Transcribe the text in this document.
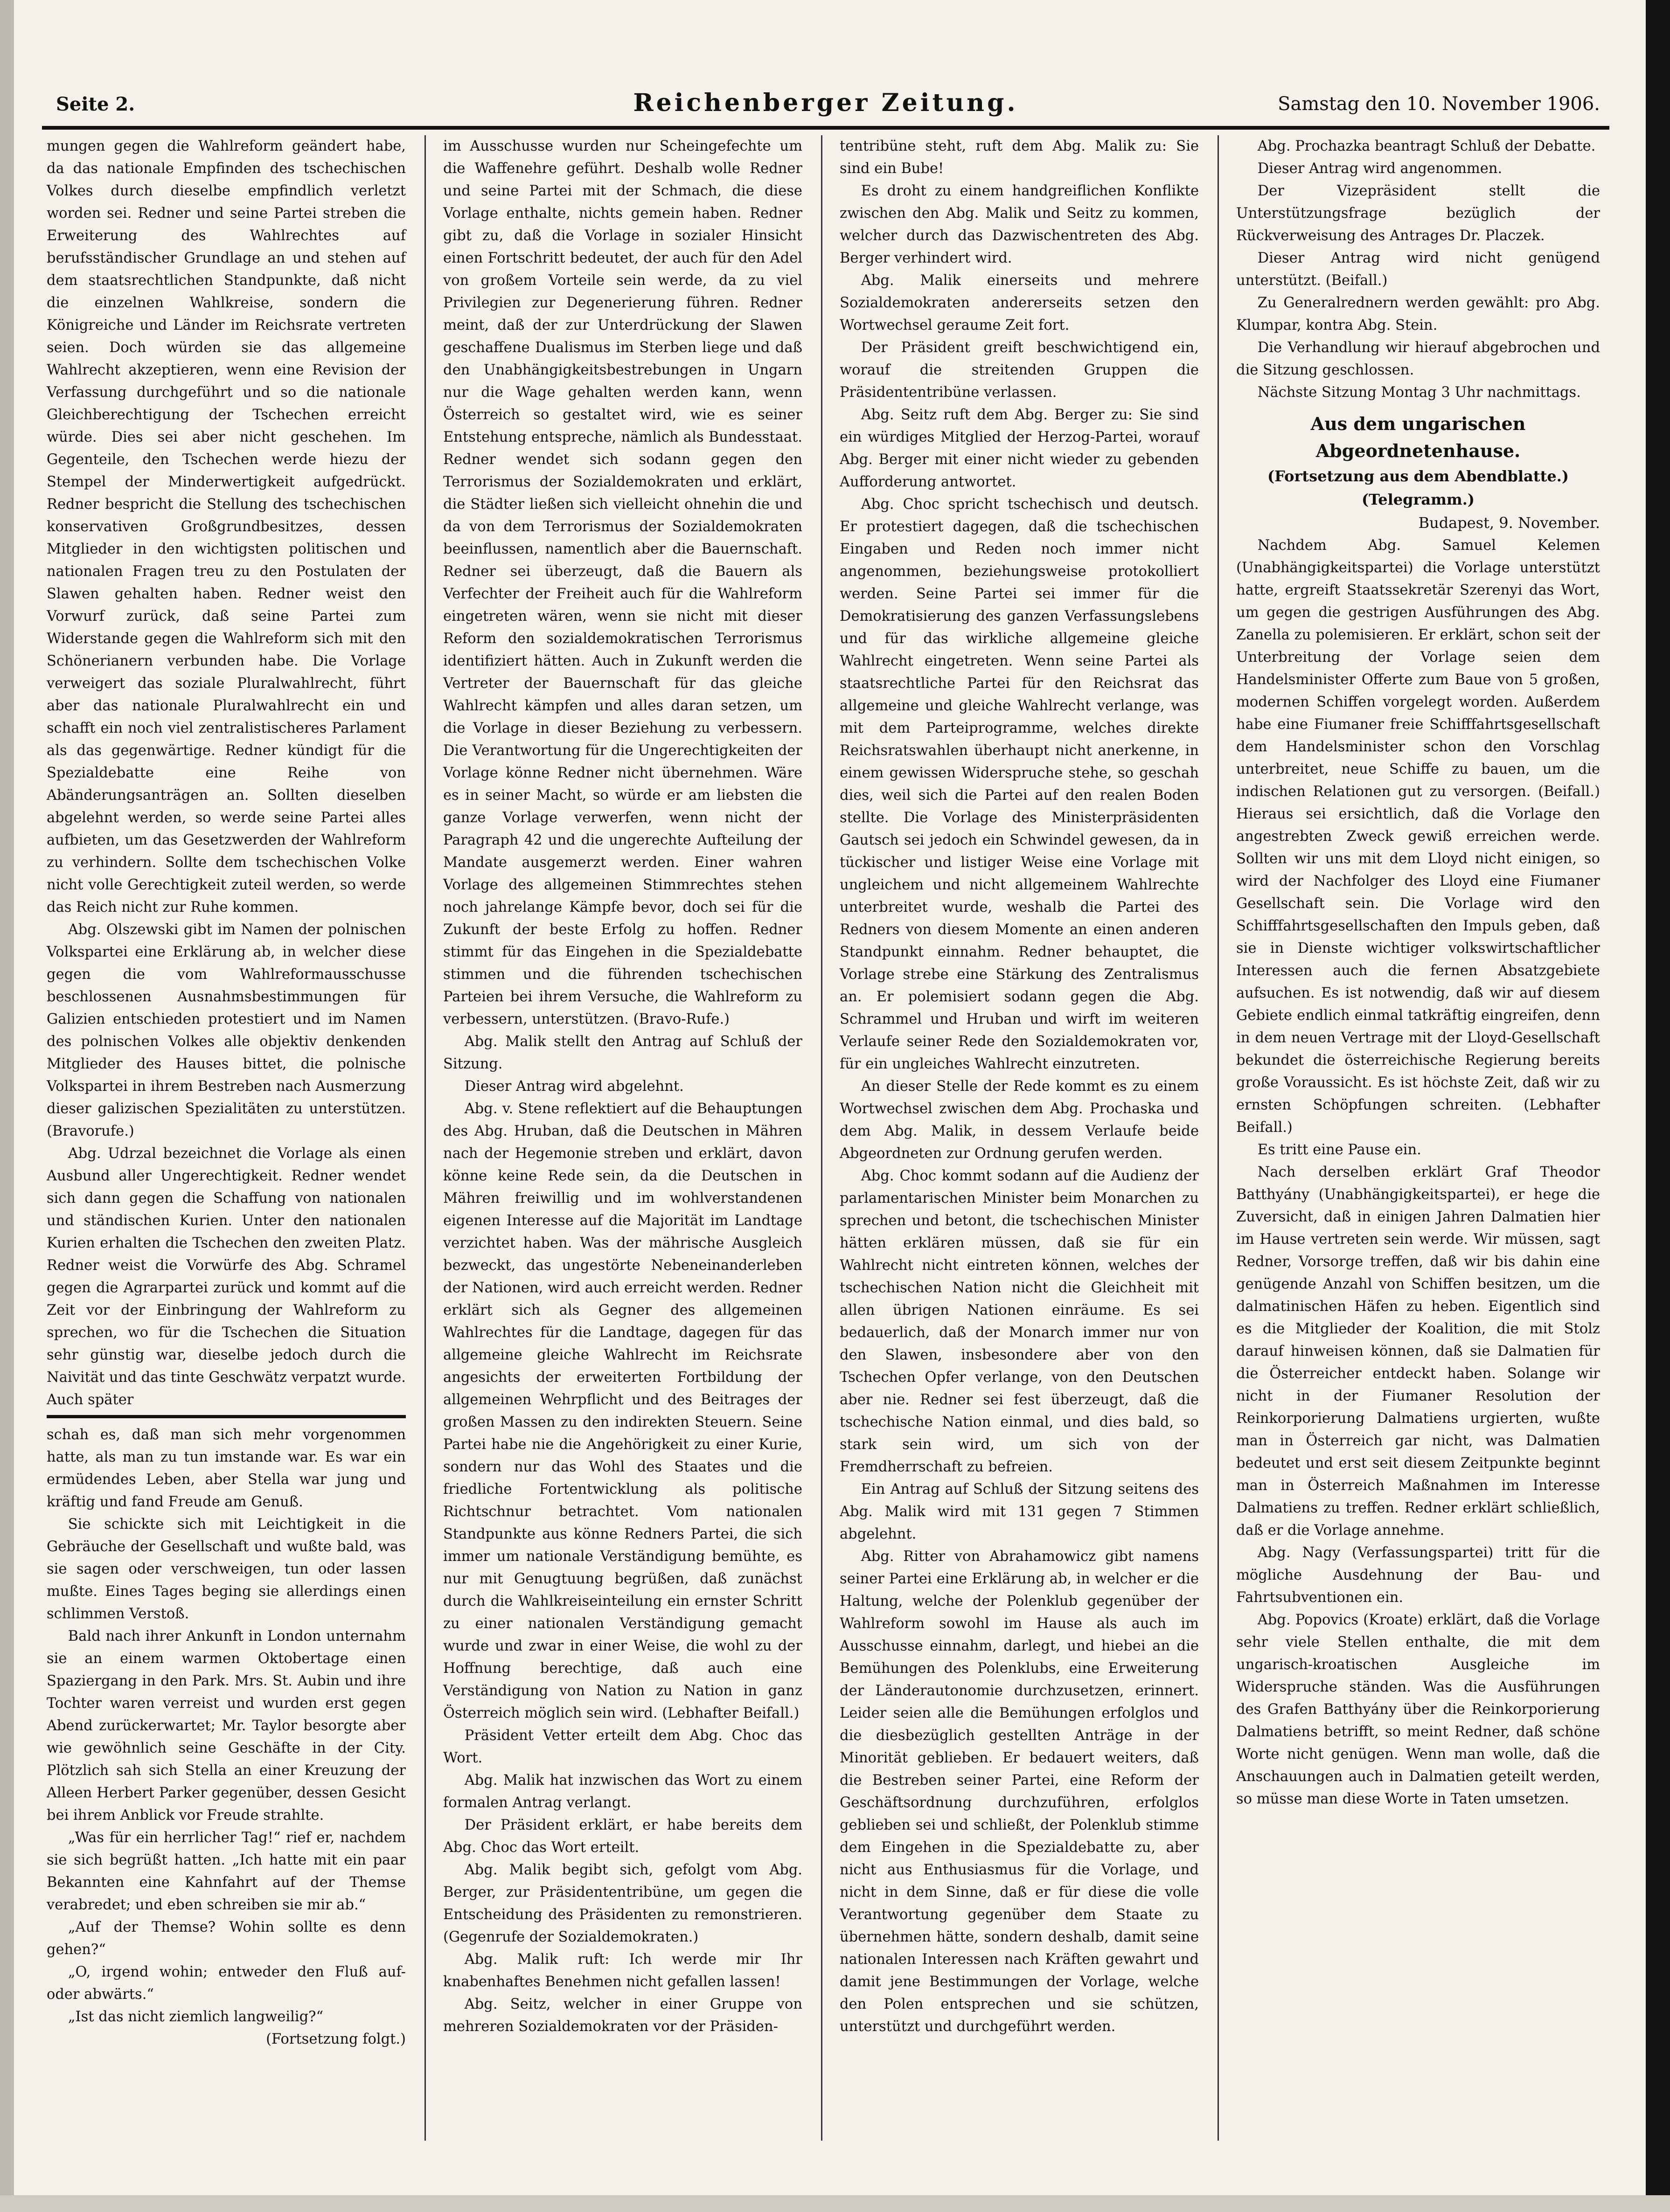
Seite 2.	Reichenberger Zeitung.	Samstag den 10. November 1906.

mungen gegen die Wahlreform geändert habe, da das nationale Empfinden des tschechischen Volkes durch dieselbe empfindlich verletzt worden sei. Redner und seine Partei streben die Erweiterung des Wahlrechtes auf berufsständischer Grundlage an und stehen auf dem staatsrechtlichen Standpunkte, daß nicht die einzelnen Wahlkreise, sondern die Königreiche und Länder im Reichsrate vertreten seien. Doch würden sie das allgemeine Wahlrecht akzeptieren, wenn eine Revision der Verfassung durchgeführt und so die nationale Gleichberechtigung der Tschechen erreicht würde. Dies sei aber nicht geschehen. Im Gegenteile, den Tschechen werde hiezu der Stempel der Minderwertigkeit aufgedrückt. Redner bespricht die Stellung des tschechischen konservativen Großgrundbesitzes, dessen Mitglieder in den wichtigsten politischen und nationalen Fragen treu zu den Postulaten der Slawen gehalten haben. Redner weist den Vorwurf zurück, daß seine Partei zum Widerstande gegen die Wahlreform sich mit den Schönerianern verbunden habe. Die Vorlage verweigert das soziale Pluralwahlrecht, führt aber das nationale Pluralwahlrecht ein und schafft ein noch viel zentralistischeres Parlament als das gegenwärtige. Redner kündigt für die Spezialdebatte eine Reihe von Abänderungsanträgen an. Sollten dieselben abgelehnt werden, so werde seine Partei alles aufbieten, um das Gesetzwerden der Wahlreform zu verhindern. Sollte dem tschechischen Volke nicht volle Gerechtigkeit zuteil werden, so werde das Reich nicht zur Ruhe kommen.

Abg. Olszewski gibt im Namen der polnischen Volkspartei eine Erklärung ab, in welcher diese gegen die vom Wahlreformausschusse beschlossenen Ausnahmsbestimmungen für Galizien entschieden protestiert und im Namen des polnischen Volkes alle objektiv denkenden Mitglieder des Hauses bittet, die polnische Volkspartei in ihrem Bestreben nach Ausmerzung dieser galizischen Spezialitäten zu unterstützen. (Bravorufe.)

Abg. Udrzal bezeichnet die Vorlage als einen Ausbund aller Ungerechtigkeit. Redner wendet sich dann gegen die Schaffung von nationalen und ständischen Kurien. Unter den nationalen Kurien erhalten die Tschechen den zweiten Platz. Redner weist die Vorwürfe des Abg. Schramel gegen die Agrarpartei zurück und kommt auf die Zeit vor der Einbringung der Wahlreform zu sprechen, wo für die Tschechen die Situation sehr günstig war, dieselbe jedoch durch die Naivität und das tinte Geschwätz verpatzt wurde. Auch später

schah es, daß man sich mehr vorgenommen hatte, als man zu tun imstande war. Es war ein ermüdendes Leben, aber Stella war jung und kräftig und fand Freude am Genuß.

Sie schickte sich mit Leichtigkeit in die Gebräuche der Gesellschaft und wußte bald, was sie sagen oder verschweigen, tun oder lassen mußte. Eines Tages beging sie allerdings einen schlimmen Verstoß.

Bald nach ihrer Ankunft in London unternahm sie an einem warmen Oktobertage einen Spaziergang in den Park. Mrs. St. Aubin und ihre Tochter waren verreist und wurden erst gegen Abend zurückerwartet; Mr. Taylor besorgte aber wie gewöhnlich seine Geschäfte in der City. Plötzlich sah sich Stella an einer Kreuzung der Alleen Herbert Parker gegenüber, dessen Gesicht bei ihrem Anblick vor Freude strahlte.

„Was für ein herrlicher Tag!“ rief er, nachdem sie sich begrüßt hatten. „Ich hatte mit ein paar Bekannten eine Kahnfahrt auf der Themse verabredet; und eben schreiben sie mir ab.“

„Auf der Themse? Wohin sollte es denn gehen?“

„O, irgend wohin; entweder den Fluß auf- oder abwärts.“

„Ist das nicht ziemlich langweilig?“

(Fortsetzung folgt.)

im Ausschusse wurden nur Scheingefechte um die Waffenehre geführt. Deshalb wolle Redner und seine Partei mit der Schmach, die diese Vorlage enthalte, nichts gemein haben. Redner gibt zu, daß die Vorlage in sozialer Hinsicht einen Fortschritt bedeutet, der auch für den Adel von großem Vorteile sein werde, da zu viel Privilegien zur Degenerierung führen. Redner meint, daß der zur Unterdrückung der Slawen geschaffene Dualismus im Sterben liege und daß den Unabhängigkeitsbestrebungen in Ungarn nur die Wage gehalten werden kann, wenn Österreich so gestaltet wird, wie es seiner Entstehung entspreche, nämlich als Bundesstaat. Redner wendet sich sodann gegen den Terrorismus der Sozialdemokraten und erklärt, die Städter ließen sich vielleicht ohnehin die und da von dem Terrorismus der Sozialdemokraten beeinflussen, namentlich aber die Bauernschaft. Redner sei überzeugt, daß die Bauern als Verfechter der Freiheit auch für die Wahlreform eingetreten wären, wenn sie nicht mit dieser Reform den sozialdemokratischen Terrorismus identifiziert hätten. Auch in Zukunft werden die Vertreter der Bauernschaft für das gleiche Wahlrecht kämpfen und alles daran setzen, um die Vorlage in dieser Beziehung zu verbessern. Die Verantwortung für die Ungerechtigkeiten der Vorlage könne Redner nicht übernehmen. Wäre es in seiner Macht, so würde er am liebsten die ganze Vorlage verwerfen, wenn nicht der Paragraph 42 und die ungerechte Aufteilung der Mandate ausgemerzt werden. Einer wahren Vorlage des allgemeinen Stimmrechtes stehen noch jahrelange Kämpfe bevor, doch sei für die Zukunft der beste Erfolg zu hoffen. Redner stimmt für das Eingehen in die Spezialdebatte stimmen und die führenden tschechischen Parteien bei ihrem Versuche, die Wahlreform zu verbessern, unterstützen. (Bravo-Rufe.)

Abg. Malik stellt den Antrag auf Schluß der Sitzung.

Dieser Antrag wird abgelehnt.

Abg. v. Stene reflektiert auf die Behauptungen des Abg. Hruban, daß die Deutschen in Mähren nach der Hegemonie streben und erklärt, davon könne keine Rede sein, da die Deutschen in Mähren freiwillig und im wohlverstandenen eigenen Interesse auf die Majorität im Landtage verzichtet haben. Was der mährische Ausgleich bezweckt, das ungestörte Nebeneinanderleben der Nationen, wird auch erreicht werden. Redner erklärt sich als Gegner des allgemeinen Wahlrechtes für die Landtage, dagegen für das allgemeine gleiche Wahlrecht im Reichsrate angesichts der erweiterten Fortbildung der allgemeinen Wehrpflicht und des Beitrages der großen Massen zu den indirekten Steuern. Seine Partei habe nie die Angehörigkeit zu einer Kurie, sondern nur das Wohl des Staates und die friedliche Fortentwicklung als politische Richtschnur betrachtet. Vom nationalen Standpunkte aus könne Redners Partei, die sich immer um nationale Verständigung bemühte, es nur mit Genugtuung begrüßen, daß zunächst durch die Wahlkreiseinteilung ein ernster Schritt zu einer nationalen Verständigung gemacht wurde und zwar in einer Weise, die wohl zu der Hoffnung berechtige, daß auch eine Verständigung von Nation zu Nation in ganz Österreich möglich sein wird. (Lebhafter Beifall.)

Präsident Vetter erteilt dem Abg. Choc das Wort.

Abg. Malik hat inzwischen das Wort zu einem formalen Antrag verlangt.

Der Präsident erklärt, er habe bereits dem Abg. Choc das Wort erteilt.

Abg. Malik begibt sich, gefolgt vom Abg. Berger, zur Präsidententribüne, um gegen die Entscheidung des Präsidenten zu remonstrieren. (Gegenrufe der Sozialdemokraten.)

Abg. Malik ruft: Ich werde mir Ihr knabenhaftes Benehmen nicht gefallen lassen!

Abg. Seitz, welcher in einer Gruppe von mehreren Sozialdemokraten vor der Präsiden-

tentribüne steht, ruft dem Abg. Malik zu: Sie sind ein Bube!

Es droht zu einem handgreiflichen Konflikte zwischen den Abg. Malik und Seitz zu kommen, welcher durch das Dazwischentreten des Abg. Berger verhindert wird.

Abg. Malik einerseits und mehrere Sozialdemokraten andererseits setzen den Wortwechsel geraume Zeit fort.

Der Präsident greift beschwichtigend ein, worauf die streitenden Gruppen die Präsidententribüne verlassen.

Abg. Seitz ruft dem Abg. Berger zu: Sie sind ein würdiges Mitglied der Herzog-Partei, worauf Abg. Berger mit einer nicht wieder zu gebenden Aufforderung antwortet.

Abg. Choc spricht tschechisch und deutsch. Er protestiert dagegen, daß die tschechischen Eingaben und Reden noch immer nicht angenommen, beziehungsweise protokolliert werden. Seine Partei sei immer für die Demokratisierung des ganzen Verfassungslebens und für das wirkliche allgemeine gleiche Wahlrecht eingetreten. Wenn seine Partei als staatsrechtliche Partei für den Reichsrat das allgemeine und gleiche Wahlrecht verlange, was mit dem Parteiprogramme, welches direkte Reichsratswahlen überhaupt nicht anerkenne, in einem gewissen Widerspruche stehe, so geschah dies, weil sich die Partei auf den realen Boden stellte. Die Vorlage des Ministerpräsidenten Gautsch sei jedoch ein Schwindel gewesen, da in tückischer und listiger Weise eine Vorlage mit ungleichem und nicht allgemeinem Wahlrechte unterbreitet wurde, weshalb die Partei des Redners von diesem Momente an einen anderen Standpunkt einnahm. Redner behauptet, die Vorlage strebe eine Stärkung des Zentralismus an. Er polemisiert sodann gegen die Abg. Schrammel und Hruban und wirft im weiteren Verlaufe seiner Rede den Sozialdemokraten vor, für ein ungleiches Wahlrecht einzutreten.

An dieser Stelle der Rede kommt es zu einem Wortwechsel zwischen dem Abg. Prochaska und dem Abg. Malik, in dessem Verlaufe beide Abgeordneten zur Ordnung gerufen werden.

Abg. Choc kommt sodann auf die Audienz der parlamentarischen Minister beim Monarchen zu sprechen und betont, die tschechischen Minister hätten erklären müssen, daß sie für ein Wahlrecht nicht eintreten können, welches der tschechischen Nation nicht die Gleichheit mit allen übrigen Nationen einräume. Es sei bedauerlich, daß der Monarch immer nur von den Slawen, insbesondere aber von den Tschechen Opfer verlange, von den Deutschen aber nie. Redner sei fest überzeugt, daß die tschechische Nation einmal, und dies bald, so stark sein wird, um sich von der Fremdherrschaft zu befreien.

Ein Antrag auf Schluß der Sitzung seitens des Abg. Malik wird mit 131 gegen 7 Stimmen abgelehnt.

Abg. Ritter von Abrahamowicz gibt namens seiner Partei eine Erklärung ab, in welcher er die Haltung, welche der Polenklub gegenüber der Wahlreform sowohl im Hause als auch im Ausschusse einnahm, darlegt, und hiebei an die Bemühungen des Polenklubs, eine Erweiterung der Länderautonomie durchzusetzen, erinnert. Leider seien alle die Bemühungen erfolglos und die diesbezüglich gestellten Anträge in der Minorität geblieben. Er bedauert weiters, daß die Bestreben seiner Partei, eine Reform der Geschäftsordnung durchzuführen, erfolglos geblieben sei und schließt, der Polenklub stimme dem Eingehen in die Spezialdebatte zu, aber nicht aus Enthusiasmus für die Vorlage, und nicht in dem Sinne, daß er für diese die volle Verantwortung gegenüber dem Staate zu übernehmen hätte, sondern deshalb, damit seine nationalen Interessen nach Kräften gewahrt und damit jene Bestimmungen der Vorlage, welche den Polen entsprechen und sie schützen, unterstützt und durchgeführt werden.

Abg. Prochazka beantragt Schluß der Debatte.

Dieser Antrag wird angenommen.

Der Vizepräsident stellt die Unterstützungsfrage bezüglich der Rückverweisung des Antrages Dr. Placzek.

Dieser Antrag wird nicht genügend unterstützt. (Beifall.)

Zu Generalrednern werden gewählt: pro Abg. Klumpar, kontra Abg. Stein.

Die Verhandlung wir hierauf abgebrochen und die Sitzung geschlossen.

Nächste Sitzung Montag 3 Uhr nachmittags.

Aus dem ungarischen Abgeordnetenhause.
(Fortsetzung aus dem Abendblatte.)
(Telegramm.)
Budapest, 9. November.

Nachdem Abg. Samuel Kelemen (Unabhängigkeitspartei) die Vorlage unterstützt hatte, ergreift Staatssekretär Szerenyi das Wort, um gegen die gestrigen Ausführungen des Abg. Zanella zu polemisieren. Er erklärt, schon seit der Unterbreitung der Vorlage seien dem Handelsminister Offerte zum Baue von 5 großen, modernen Schiffen vorgelegt worden. Außerdem habe eine Fiumaner freie Schifffahrtsgesellschaft dem Handelsminister schon den Vorschlag unterbreitet, neue Schiffe zu bauen, um die indischen Relationen gut zu versorgen. (Beifall.) Hieraus sei ersichtlich, daß die Vorlage den angestrebten Zweck gewiß erreichen werde. Sollten wir uns mit dem Lloyd nicht einigen, so wird der Nachfolger des Lloyd eine Fiumaner Gesellschaft sein. Die Vorlage wird den Schifffahrtsgesellschaften den Impuls geben, daß sie in Dienste wichtiger volkswirtschaftlicher Interessen auch die fernen Absatzgebiete aufsuchen. Es ist notwendig, daß wir auf diesem Gebiete endlich einmal tatkräftig eingreifen, denn in dem neuen Vertrage mit der Lloyd-Gesellschaft bekundet die österreichische Regierung bereits große Voraussicht. Es ist höchste Zeit, daß wir zu ernsten Schöpfungen schreiten. (Lebhafter Beifall.)

Es tritt eine Pause ein.

Nach derselben erklärt Graf Theodor Batthyány (Unabhängigkeitspartei), er hege die Zuversicht, daß in einigen Jahren Dalmatien hier im Hause vertreten sein werde. Wir müssen, sagt Redner, Vorsorge treffen, daß wir bis dahin eine genügende Anzahl von Schiffen besitzen, um die dalmatinischen Häfen zu heben. Eigentlich sind es die Mitglieder der Koalition, die mit Stolz darauf hinweisen können, daß sie Dalmatien für die Österreicher entdeckt haben. Solange wir nicht in der Fiumaner Resolution der Reinkorporierung Dalmatiens urgierten, wußte man in Österreich gar nicht, was Dalmatien bedeutet und erst seit diesem Zeitpunkte beginnt man in Österreich Maßnahmen im Interesse Dalmatiens zu treffen. Redner erklärt schließlich, daß er die Vorlage annehme.

Abg. Nagy (Verfassungspartei) tritt für die mögliche Ausdehnung der Bau- und Fahrtsubventionen ein.

Abg. Popovics (Kroate) erklärt, daß die Vorlage sehr viele Stellen enthalte, die mit dem ungarisch-kroatischen Ausgleiche im Widerspruche ständen. Was die Ausführungen des Grafen Batthyány über die Reinkorporierung Dalmatiens betrifft, so meint Redner, daß schöne Worte nicht genügen. Wenn man wolle, daß die Anschauungen auch in Dalmatien geteilt werden, so müsse man diese Worte in Taten umsetzen.
